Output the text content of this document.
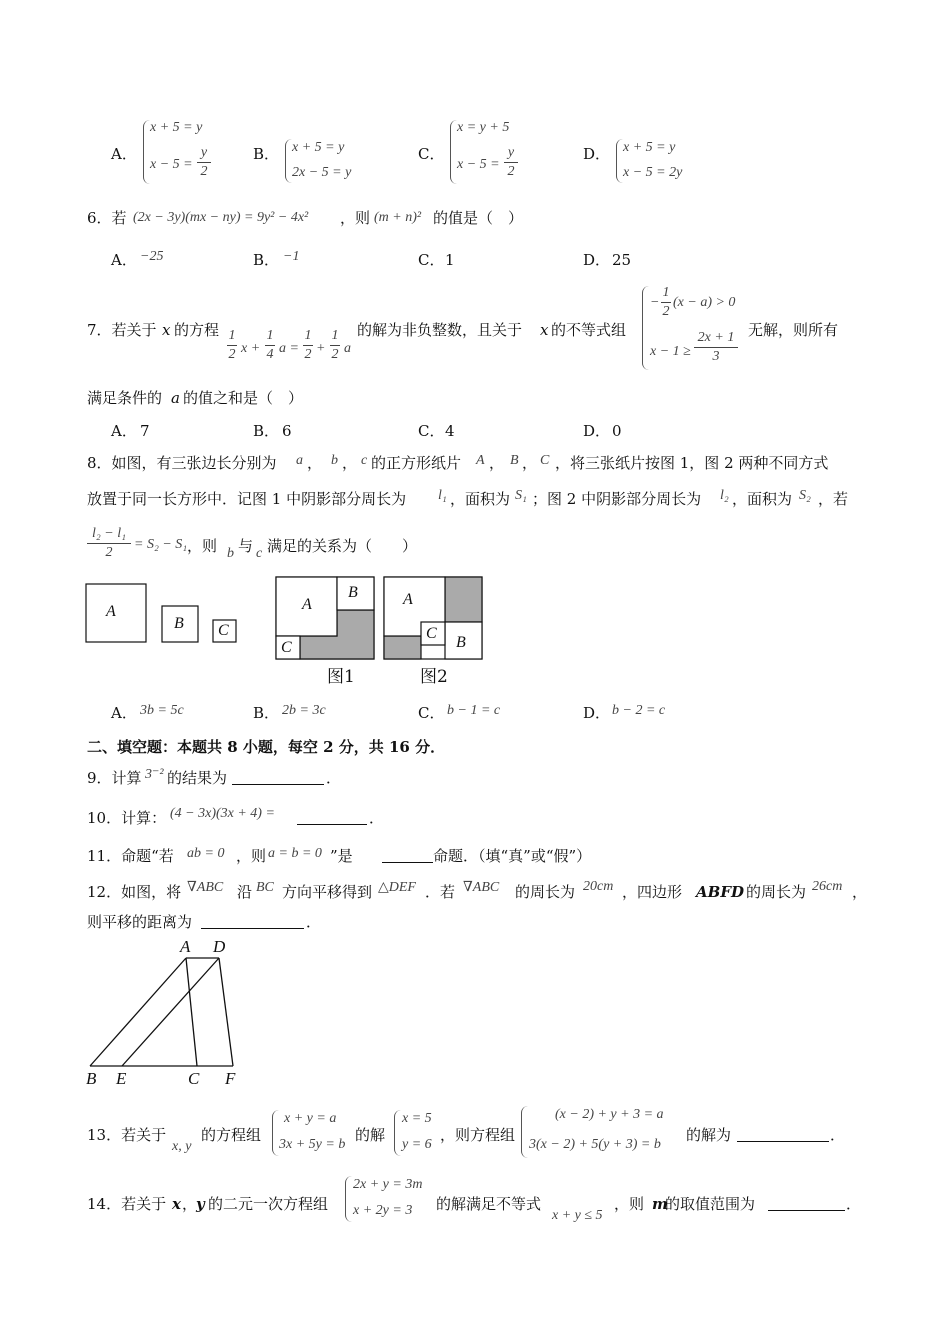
A．
x + 5 = y
x − 5 =
y
2
B． x + 5 = y
2x − 5 = y
C．
x = y + 5
x − 5 =
y
2
D． x + 5 = y
x − 5 = 2y
6．若 (2x − 3y)(mx − ny) = 9y² − 4x² ，则 (m + n)² 的值是（　）
A． −25	B． −1	C． 1	D． 25
7．若关于 x 的方程 1
2 x +
1
4 a =
1
2 +
1
2 a
的解为非负整数，且关于 x 的不等式组
−
1
2
(x − a) > 0
x − 1 ≥
2x + 1
3
无解，则所有
满足条件的 a 的值之和是（　）
A． 7	B． 6	C． 4	D． 0
8．如图，有三张边长分别为 a ， b ， c 的正方形纸片 A ， B ， C ，将三张纸片按图 1，图 2 两种不同方式
放置于同一长方形中．记图 1 中阴影部分周长为 l₁ ，面积为 S₁ ；图 2 中阴影部分周长为 l₂ ，面积为 S₂ ，若
l₂ − l₁
2
= S₂ − S₁ ，则 b 与 c 满足的关系为（　　）
A
B C
A
B
C
A
C
B
图1	图2
A． 3b = 5c	B． 2b = 3c	C． b − 1 = c	D． b − 2 = c
二、填空题：本题共 8 小题，每空 2 分，共 16 分．
9．计算 3⁻² 的结果为	．
10．计算： (4 − 3x)(3x + 4) =	．
11．命题“若 ab = 0 ，则 a = b = 0 ”是	命题．（填“真”或“假”）
12．如图，将 ∇ABC 沿 BC 方向平移得到 △DEF ．若 ∇ABC 的周长为 20cm ，四边形 ABFD 的周长为 26cm ，
则平移的距离为	．
A D
B E	C F
13．若关于
x, y
的方程组
x + y = a
3x + 5y = b
的解
x = 5
y = 6
，则方程组
(x − 2) + y + 3 = a
3(x − 2) + 5(y + 3) = b
的解为	．
14．若关于 x ，
y 的二元一次方程组
2x + y = 3m
x + 2y = 3 的解满足不等式
x + y ≤ 5
，则 m
的取值范围为	．
